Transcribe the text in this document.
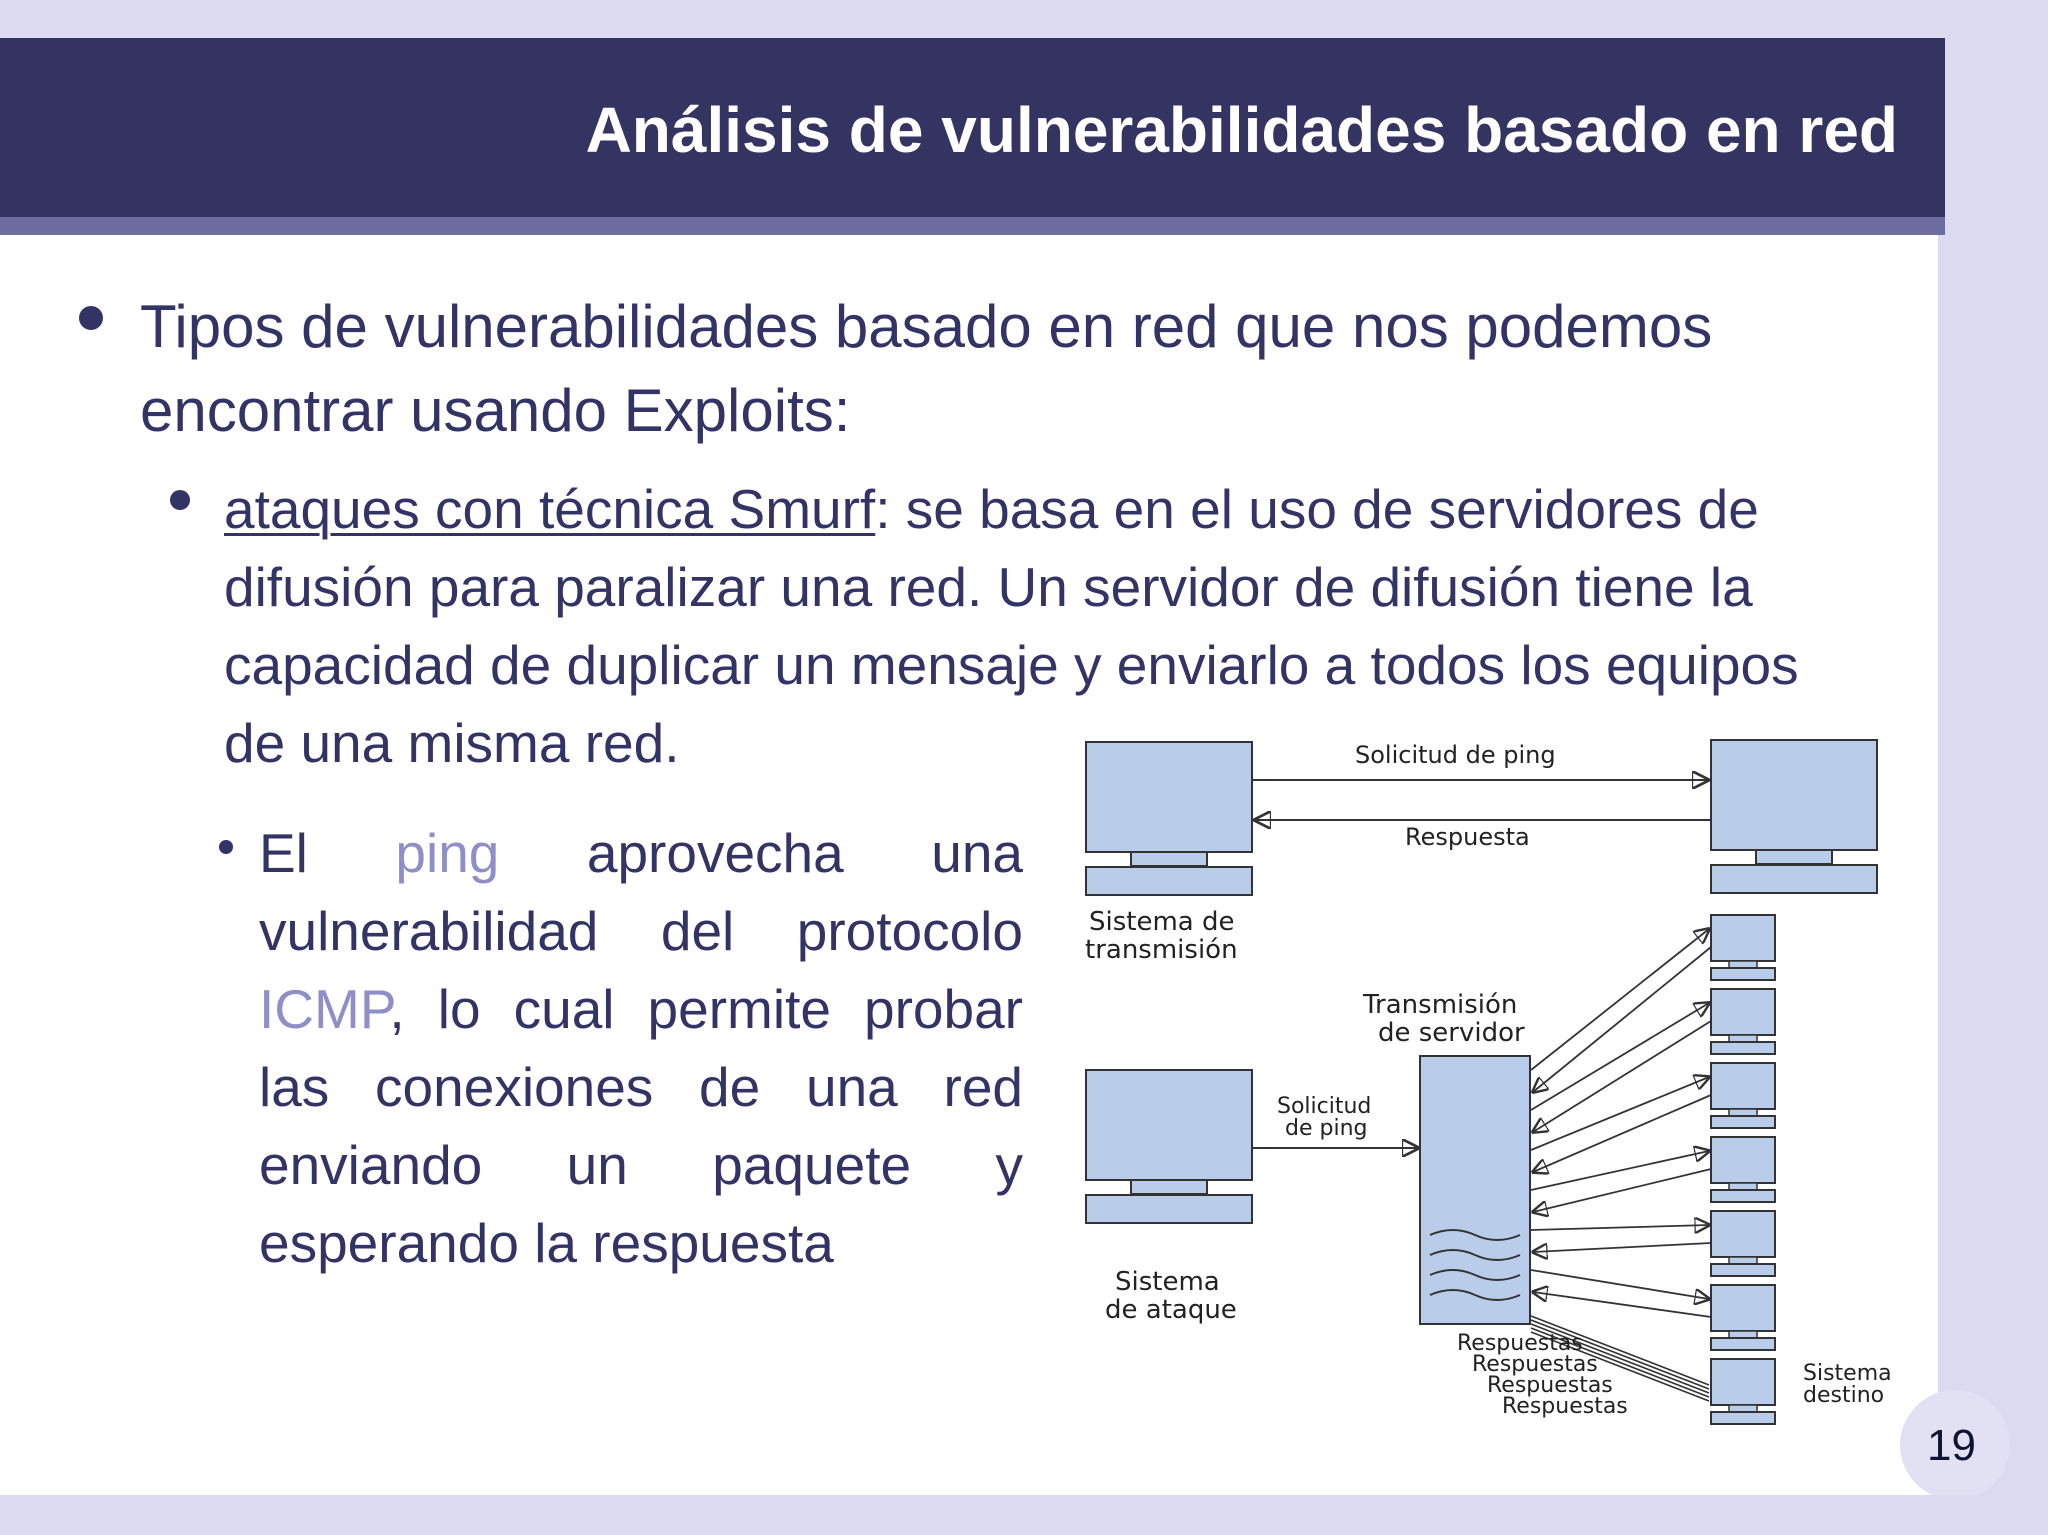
Análisis de vulnerabilidades basado en red

Tipos de vulnerabilidades basado en red que nos podemos encontrar usando Exploits:

ataques con técnica Smurf: se basa en el uso de servidores de difusión para paralizar una red. Un servidor de difusión tiene la capacidad de duplicar un mensaje y enviarlo a todos los equipos de una misma red.

El ping aprovecha una vulnerabilidad del protocolo ICMP, lo cual permite probar las conexiones de una red enviando un paquete y esperando la respuesta

Solicitud de ping
Respuesta
Sistema de
transmisión
Transmisión
de servidor
Solicitud
de ping
Sistema
de ataque
Respuestas
Respuestas
Respuestas
Respuestas
Sistema
destino
19
